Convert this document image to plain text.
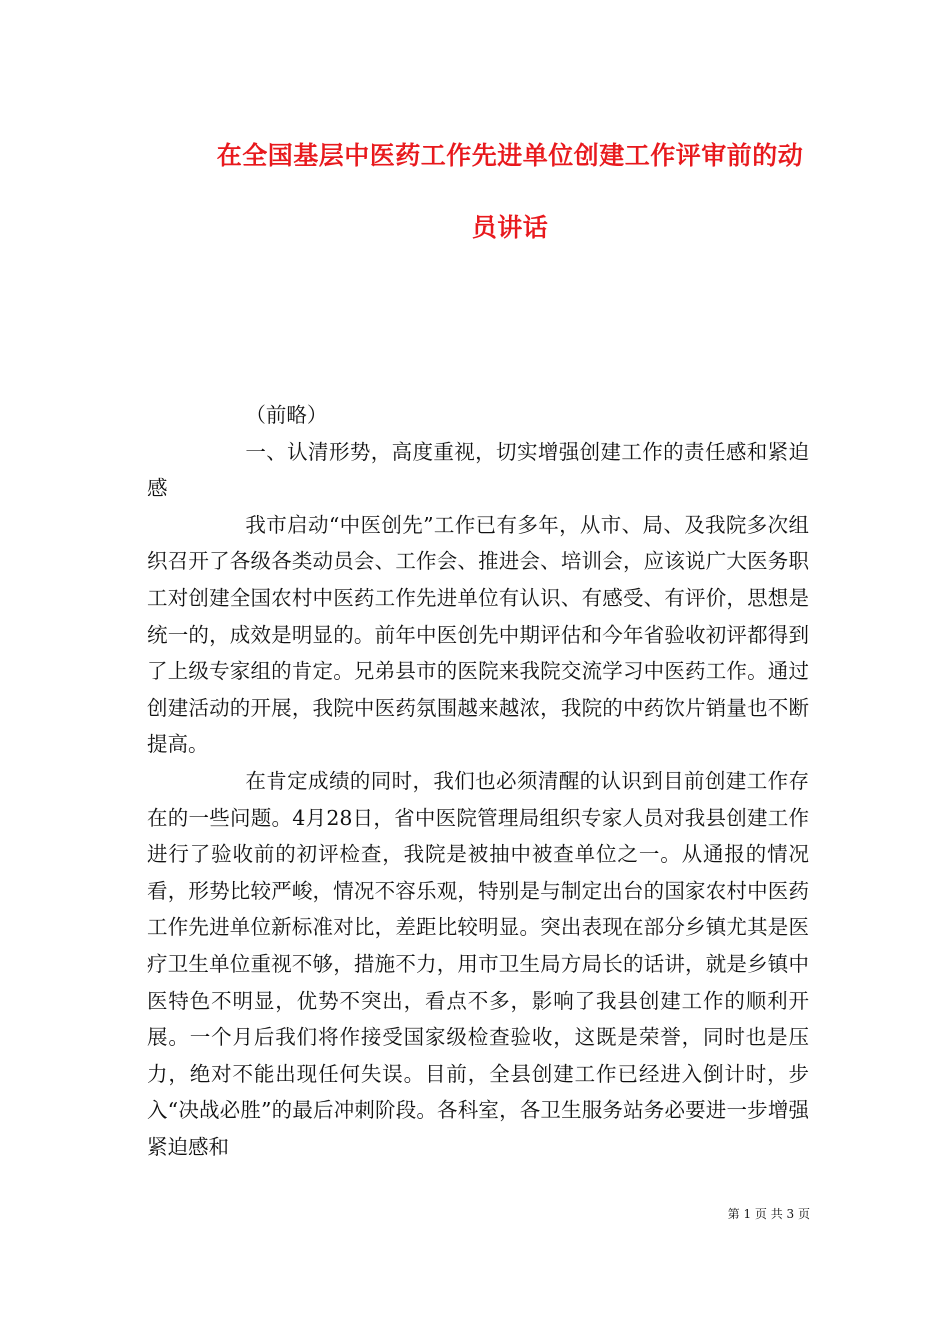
在全国基层中医药工作先进单位创建工作评审前的动
员讲话

（前略）

一、认清形势，高度重视，切实增强创建工作的责任感和紧迫感

我市启动“中医创先”工作已有多年，从市、局、及我院多次组织召开了各级各类动员会、工作会、推进会、培训会，应该说广大医务职工对创建全国农村中医药工作先进单位有认识、有感受、有评价，思想是统一的，成效是明显的。前年中医创先中期评估和今年省验收初评都得到了上级专家组的肯定。兄弟县市的医院来我院交流学习中医药工作。通过创建活动的开展，我院中医药氛围越来越浓，我院的中药饮片销量也不断提高。

在肯定成绩的同时，我们也必须清醒的认识到目前创建工作存在的一些问题。4月28日，省中医院管理局组织专家人员对我县创建工作进行了验收前的初评检查，我院是被抽中被查单位之一。从通报的情况看，形势比较严峻，情况不容乐观，特别是与制定出台的国家农村中医药工作先进单位新标准对比，差距比较明显。突出表现在部分乡镇尤其是医疗卫生单位重视不够，措施不力，用市卫生局方局长的话讲，就是乡镇中医特色不明显，优势不突出，看点不多，影响了我县创建工作的顺利开展。一个月后我们将作接受国家级检查验收，这既是荣誉，同时也是压力，绝对不能出现任何失误。目前，全县创建工作已经进入倒计时，步入“决战必胜”的最后冲刺阶段。各科室，各卫生服务站务必要进一步增强紧迫感和

第 1 页 共 3 页
